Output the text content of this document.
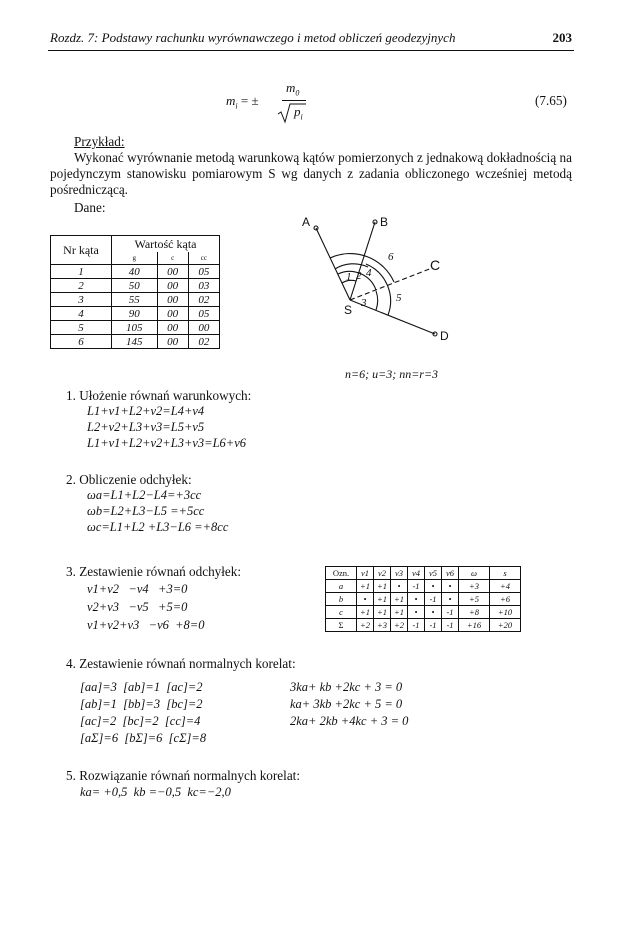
Rozdz. 7: Podstawy rachunku wyrównawczego i metod obliczeń geodezyjnych	203
$m_i$ = ±
$m_0$
$p_i$
(7.65)
Przykład:
Wykonać wyrównanie metodą warunkową kątów pomierzonych z jednakową dokładnością na pojedynczym stanowisku pomiarowym S wg danych z zadania obliczonego wcześniej metodą pośredniczącą.
Dane:
Nr kąta	Wartość kąta		
	g	c	cc
1	40	00	05
2	50	00	03
3	55	00	02
4	90	00	05
5	105	00	00
6	145	00	02
A	B
C
D
S
1 2
3
4
5
6
n=6; u=3; nn=r=3
1. Ułożenie równań warunkowych:
L1+v1+L2+v2=L4+v4
L2+v2+L3+v3=L5+v5
L1+v1+L2+v2+L3+v3=L6+v6
2. Obliczenie odchyłek:
ωa=L1+L2−L4=+3cc
ωb=L2+L3−L5 =+5cc
ωc=L1+L2 +L3−L6 =+8cc
3. Zestawienie równań odchyłek:
v1+v2   −v4   +3=0
v2+v3   −v5   +5=0
v1+v2+v3   −v6  +8=0
Ozn.	v1	v2	v3	v4	v5	v6	ω	s
a	+1	+1	•	-1	•	•	+3	+4
b	•	+1	+1	•	-1	•	+5	+6
c	+1	+1	+1	•	•	-1	+8	+10
Σ	+2	+3	+2	-1	-1	-1	+16	+20
4. Zestawienie równań normalnych korelat:
[aa]=3  [ab]=1  [ac]=2
[ab]=1  [bb]=3  [bc]=2
[ac]=2  [bc]=2  [cc]=4
[aΣ]=6  [bΣ]=6  [cΣ]=8
3ka+ kb +2kc + 3 = 0
ka+ 3kb +2kc + 5 = 0
2ka+ 2kb +4kc + 3 = 0
5. Rozwiązanie równań normalnych korelat:
ka= +0,5  kb =−0,5  kc=−2,0
